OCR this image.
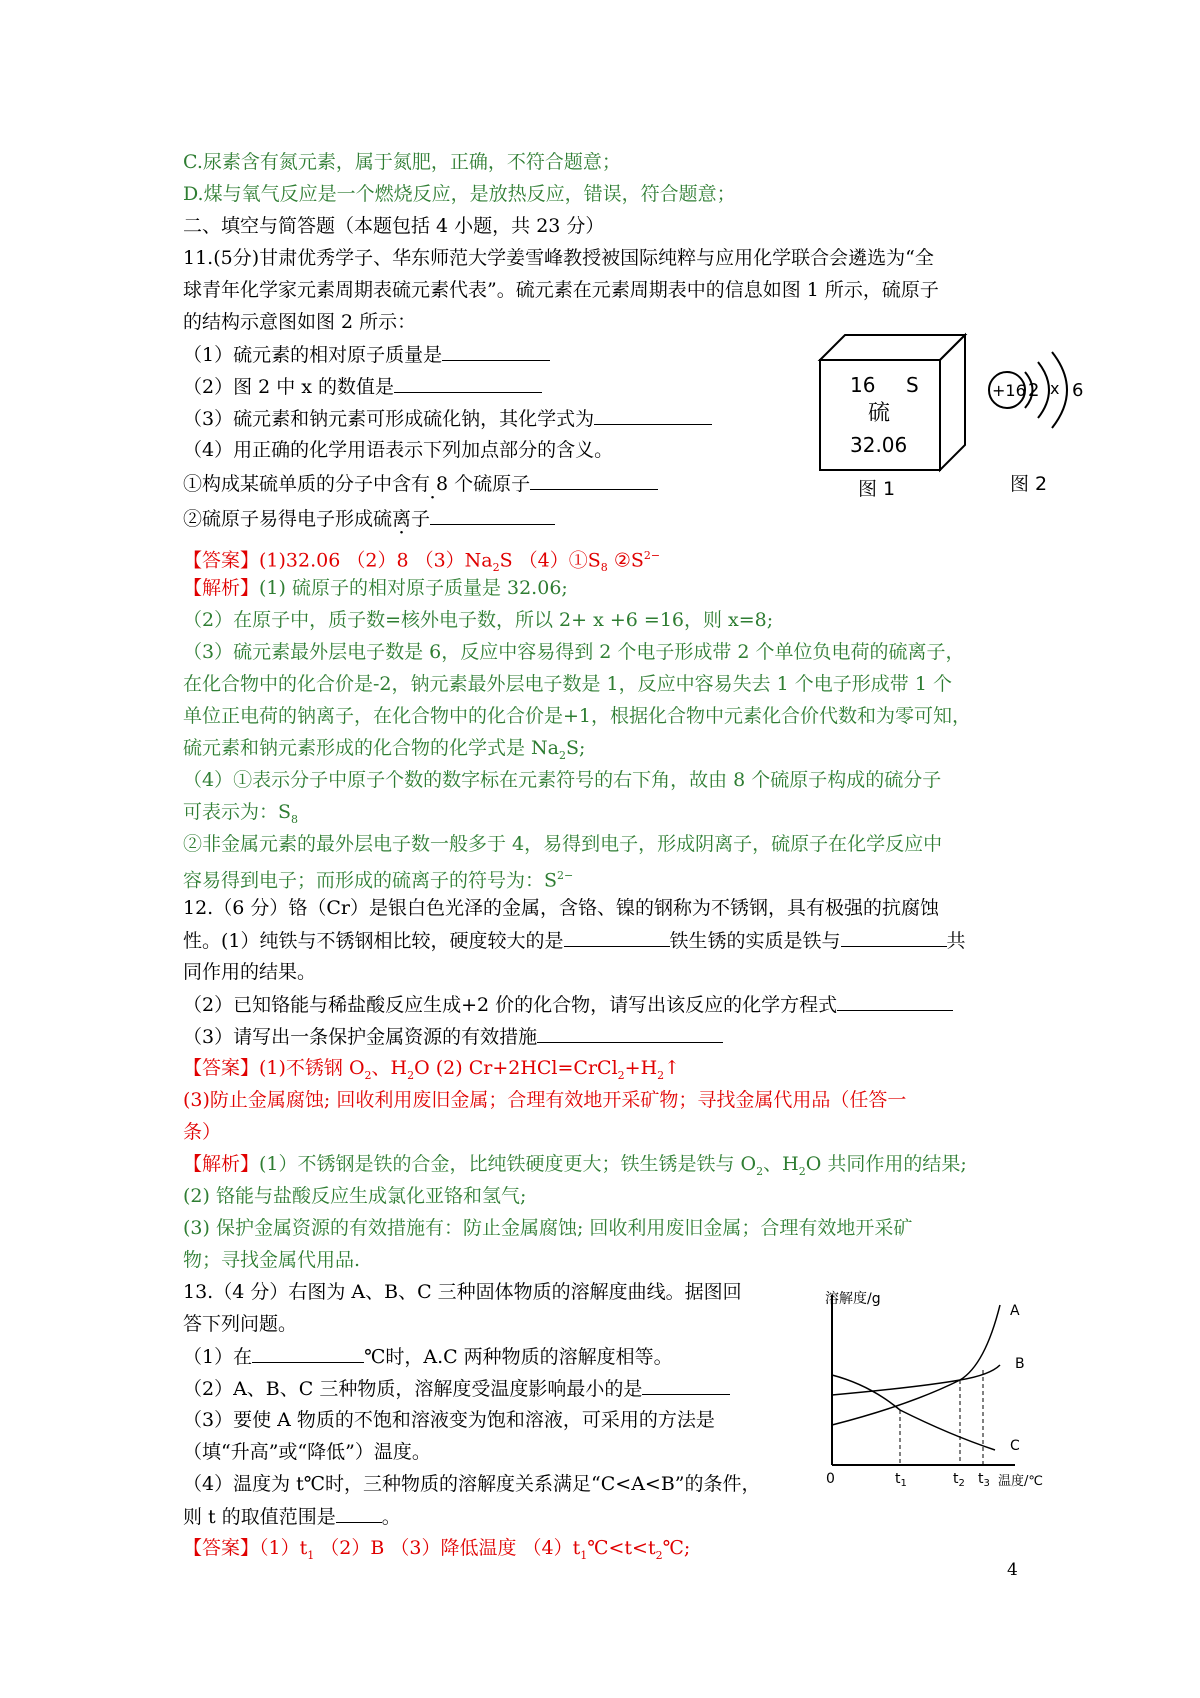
C.尿素含有氮元素，属于氮肥，正确，不符合题意；
D.煤与氧气反应是一个燃烧反应，是放热反应，错误，符合题意；
二、填空与简答题（本题包括 4 小题，共 23 分）
11.(5分)甘肃优秀学子、华东师范大学姜雪峰教授被国际纯粹与应用化学联合会遴选为“全
球青年化学家元素周期表硫元素代表”。硫元素在元素周期表中的信息如图 1 所示，硫原子
的结构示意图如图 2 所示：
（1）硫元素的相对原子质量是
（2）图 2 中 x 的数值是
（3）硫元素和钠元素可形成硫化钠，其化学式为
（4）用正确的化学用语表示下列加点部分的含义。
①构成某硫单质的分子中含有 8 个硫原子 ·
②硫原子易得电子形成硫离子
【答案】(1)32.06 （2）8 $(3)Na_2S$ $(4)①S_8$ $②S^{2-}$
【解析】(1) 硫原子的相对原子质量是 32.06;
（2）在原子中，质子数=核外电子数，所以 2+ x +6 =16，则 x=8;
（3）硫元素最外层电子数是 6，反应中容易得到 2 个电子形成带 2 个单位负电荷的硫离子，
在化合物中的化合价是-2，钠元素最外层电子数是 1，反应中容易失去 1 个电子形成带 1 个
单位正电荷的钠离子，在化合物中的化合价是+1，根据化合物中元素化合价代数和为零可知，
硫元素和钠元素形成的化合物的化学式是 $Na_2S$;
（4）①表示分子中原子个数的数字标在元素符号的右下角，故由 8 个硫原子构成的硫分子
可表示为：$S_8$
②非金属元素的最外层电子数一般多于 4，易得到电子，形成阴离子，硫原子在化学反应中
容易得到电子；而形成的硫离子的符号为：$S^{2-}$
12.（6 分）铬（Cr）是银白色光泽的金属，含铬、镍的钢称为不锈钢，具有极强的抗腐蚀
性。(1）纯铁与不锈钢相比较，硬度较大的是	铁生锈的实质是铁与	共
同作用的结果。
（2）已知铬能与稀盐酸反应生成+2 价的化合物，请写出该反应的化学方程式
（3）请写出一条保护金属资源的有效措施
【答案】(1)不锈钢 $O_2$、$H_2O$ (2) $Cr+2HCl=CrCl_2+H_2↑$
(3)防止金属腐蚀; 回收利用废旧金属；合理有效地开采矿物；寻找金属代用品（任答一
条）
【解析】(1）不锈钢是铁的合金，比纯铁硬度更大；铁生锈是铁与 $O_2$、$H_2O$ 共同作用的结果;
(2) 铬能与盐酸反应生成氯化亚铬和氢气;
(3) 保护金属资源的有效措施有：防止金属腐蚀; 回收利用废旧金属；合理有效地开采矿
物；寻找金属代用品.
13.（4 分）右图为 A、B、C 三种固体物质的溶解度曲线。据图回
答下列问题。
（1）在	℃时，A.C 两种物质的溶解度相等。
（2）A、B、C 三种物质，溶解度受温度影响最小的是
（3）要使 A 物质的不饱和溶液变为饱和溶液，可采用的方法是
（填“升高”或“降低”）温度。
（4）温度为 t℃时，三种物质的溶解度关系满足“C<A<B”的条件，
则 t 的取值范围是 。
【答案】$(1)t_1$ （2）B （3）降低温度 $(4)t_1℃<t<t_2℃$;
4
16 S
硫
32.06
图 1
+16 2 x 6
图 2
溶解度/g
A
B
C
0	$t_1$	$t_2$ $t_3$ 温度/℃
